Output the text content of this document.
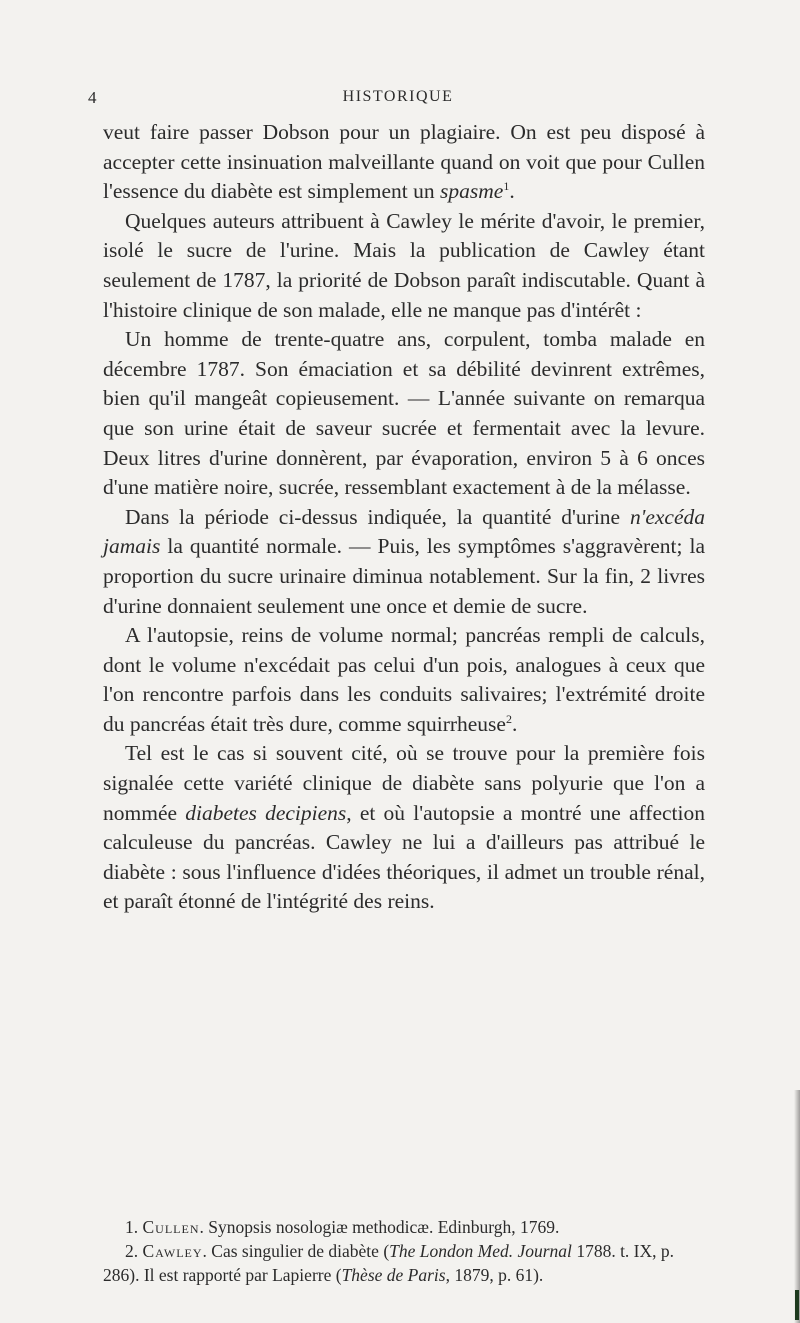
4	HISTORIQUE

veut faire passer Dobson pour un plagiaire. On est peu disposé à accepter cette insinuation malveillante quand on voit que pour Cullen l'essence du diabète est simplement un spasme$^1$.

Quelques auteurs attribuent à Cawley le mérite d'avoir, le premier, isolé le sucre de l'urine. Mais la publication de Cawley étant seulement de 1787, la priorité de Dobson paraît indiscutable. Quant à l'histoire clinique de son malade, elle ne manque pas d'intérêt :

Un homme de trente-quatre ans, corpulent, tomba malade en décembre 1787. Son émaciation et sa débilité devinrent extrêmes, bien qu'il mangeât copieusement. — L'année suivante on remarqua que son urine était de saveur sucrée et fermentait avec la levure. Deux litres d'urine donnèrent, par évaporation, environ 5 à 6 onces d'une matière noire, sucrée, ressemblant exactement à de la mélasse.

Dans la période ci-dessus indiquée, la quantité d'urine n'excéda jamais la quantité normale. — Puis, les symptômes s'aggravèrent; la proportion du sucre urinaire diminua notablement. Sur la fin, 2 livres d'urine donnaient seulement une once et demie de sucre.

A l'autopsie, reins de volume normal; pancréas rempli de calculs, dont le volume n'excédait pas celui d'un pois, analogues à ceux que l'on rencontre parfois dans les conduits salivaires; l'extrémité droite du pancréas était très dure, comme squirrheuse$^2$.

Tel est le cas si souvent cité, où se trouve pour la première fois signalée cette variété clinique de diabète sans polyurie que l'on a nommée diabetes decipiens, et où l'autopsie a montré une affection calculeuse du pancréas. Cawley ne lui a d'ailleurs pas attribué le diabète : sous l'influence d'idées théoriques, il admet un trouble rénal, et paraît étonné de l'intégrité des reins.

1. Cullen. Synopsis nosologiæ methodicæ. Edinburgh, 1769.

2. Cawley. Cas singulier de diabète (The London Med. Journal 1788. t. IX, p. 286). Il est rapporté par Lapierre (Thèse de Paris, 1879, p. 61).
